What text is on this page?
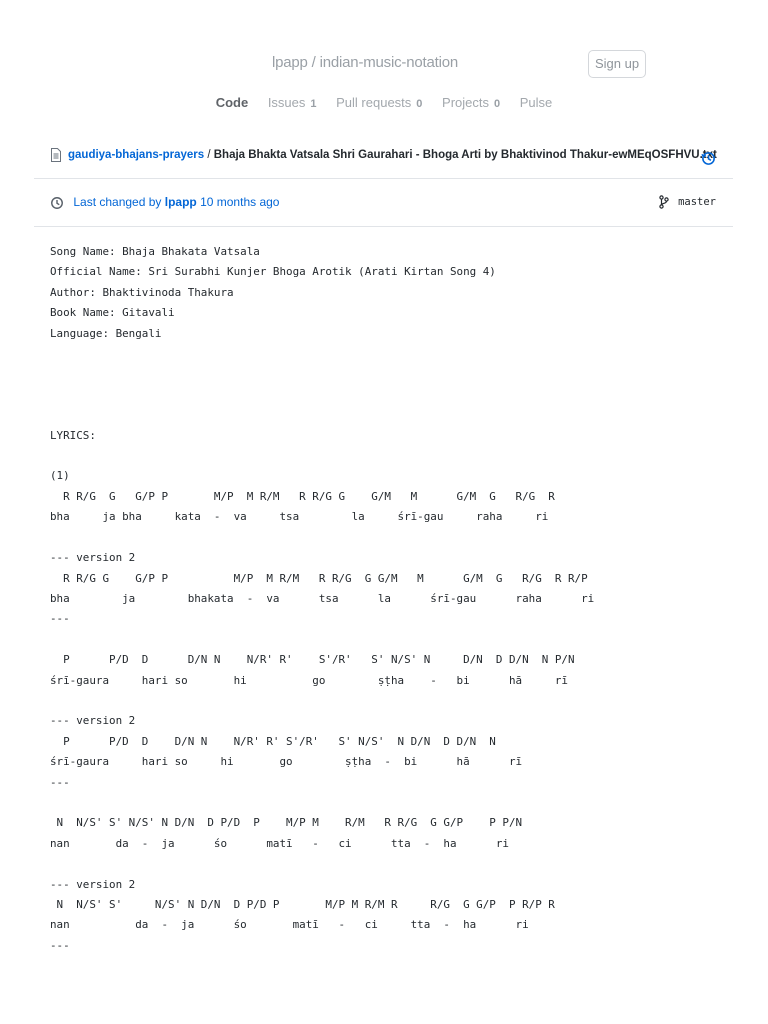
lpapp / indian-music-notation	Sign up
Code Issues 1 Pull requests 0 Projects 0 Pulse
gaudiya-bhajans-prayers / Bhaja Bhakta Vatsala Shri Gaurahari - Bhoga Arti by Bhaktivinod Thakur-ewMEqOSFHVU.txt
Last changed by lpapp 10 months ago	master
Song Name: Bhaja Bhakata Vatsala
Official Name: Sri Surabhi Kunjer Bhoga Arotik (Arati Kirtan Song 4)
Author: Bhaktivinoda Thakura
Book Name: Gitavali
Language: Bengali

LYRICS:

(1)
R R/G  G   G/P P       M/P  M R/M   R R/G G    G/M   M      G/M  G   R/G  R
bha     ja bha     kata  -  va     tsa        la     śrī-gau     raha     ri

--- version 2
R R/G G    G/P P          M/P  M R/M   R R/G  G G/M   M      G/M  G   R/G  R R/P
bha        ja        bhakata  -  va      tsa      la      śrī-gau      raha      ri
---

P      P/D  D      D/N N    N/R' R'    S'/R'   S' N/S' N     D/N  D D/N  N P/N
śrī-gaura     hari so       hi          go        ṣṭha    -   bi      hā     rī

--- version 2
P      P/D  D    D/N N    N/R' R' S'/R'   S' N/S'  N D/N  D D/N  N
śrī-gaura     hari so     hi       go        ṣṭha  -  bi      hā      rī
---

N  N/S' S' N/S' N D/N  D P/D  P    M/P M    R/M   R R/G  G G/P    P P/N
nan       da  -  ja      śo      matī   -   ci      tta  -  ha      ri

--- version 2
N  N/S' S'     N/S' N D/N  D P/D P       M/P M R/M R     R/G  G G/P  P R/P R
nan          da  -  ja      śo       matī   -   ci     tta  -  ha      ri
---
